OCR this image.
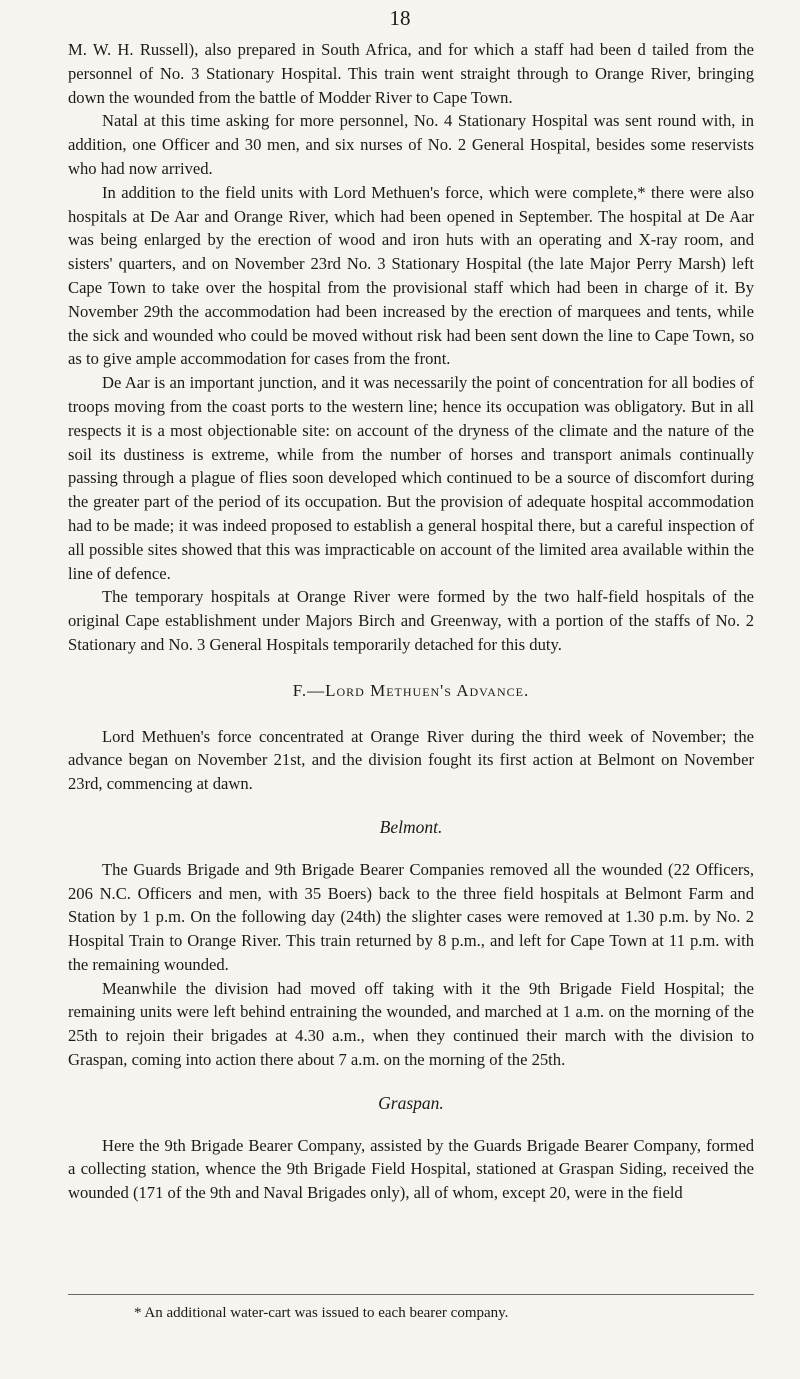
18

M. W. H. Russell), also prepared in South Africa, and for which a staff had been d tailed from the personnel of No. 3 Stationary Hospital. This train went straight through to Orange River, bringing down the wounded from the battle of Modder River to Cape Town.

Natal at this time asking for more personnel, No. 4 Stationary Hospital was sent round with, in addition, one Officer and 30 men, and six nurses of No. 2 General Hospital, besides some reservists who had now arrived.

In addition to the field units with Lord Methuen's force, which were complete,* there were also hospitals at De Aar and Orange River, which had been opened in September. The hospital at De Aar was being enlarged by the erection of wood and iron huts with an operating and X-ray room, and sisters' quarters, and on November 23rd No. 3 Stationary Hospital (the late Major Perry Marsh) left Cape Town to take over the hospital from the provisional staff which had been in charge of it. By November 29th the accommodation had been increased by the erection of marquees and tents, while the sick and wounded who could be moved without risk had been sent down the line to Cape Town, so as to give ample accommodation for cases from the front.

De Aar is an important junction, and it was necessarily the point of concentration for all bodies of troops moving from the coast ports to the western line; hence its occupation was obligatory. But in all respects it is a most objectionable site: on account of the dryness of the climate and the nature of the soil its dustiness is extreme, while from the number of horses and transport animals continually passing through a plague of flies soon developed which continued to be a source of discomfort during the greater part of the period of its occupation. But the provision of adequate hospital accommodation had to be made; it was indeed proposed to establish a general hospital there, but a careful inspection of all possible sites showed that this was impracticable on account of the limited area available within the line of defence.

The temporary hospitals at Orange River were formed by the two half-field hospitals of the original Cape establishment under Majors Birch and Greenway, with a portion of the staffs of No. 2 Stationary and No. 3 General Hospitals temporarily detached for this duty.

F.—Lord Methuen's Advance.

Lord Methuen's force concentrated at Orange River during the third week of November; the advance began on November 21st, and the division fought its first action at Belmont on November 23rd, commencing at dawn.

Belmont.

The Guards Brigade and 9th Brigade Bearer Companies removed all the wounded (22 Officers, 206 N.C. Officers and men, with 35 Boers) back to the three field hospitals at Belmont Farm and Station by 1 p.m. On the following day (24th) the slighter cases were removed at 1.30 p.m. by No. 2 Hospital Train to Orange River. This train returned by 8 p.m., and left for Cape Town at 11 p.m. with the remaining wounded.

Meanwhile the division had moved off taking with it the 9th Brigade Field Hospital; the remaining units were left behind entraining the wounded, and marched at 1 a.m. on the morning of the 25th to rejoin their brigades at 4.30 a.m., when they continued their march with the division to Graspan, coming into action there about 7 a.m. on the morning of the 25th.

Graspan.

Here the 9th Brigade Bearer Company, assisted by the Guards Brigade Bearer Company, formed a collecting station, whence the 9th Brigade Field Hospital, stationed at Graspan Siding, received the wounded (171 of the 9th and Naval Brigades only), all of whom, except 20, were in the field

* An additional water-cart was issued to each bearer company.
